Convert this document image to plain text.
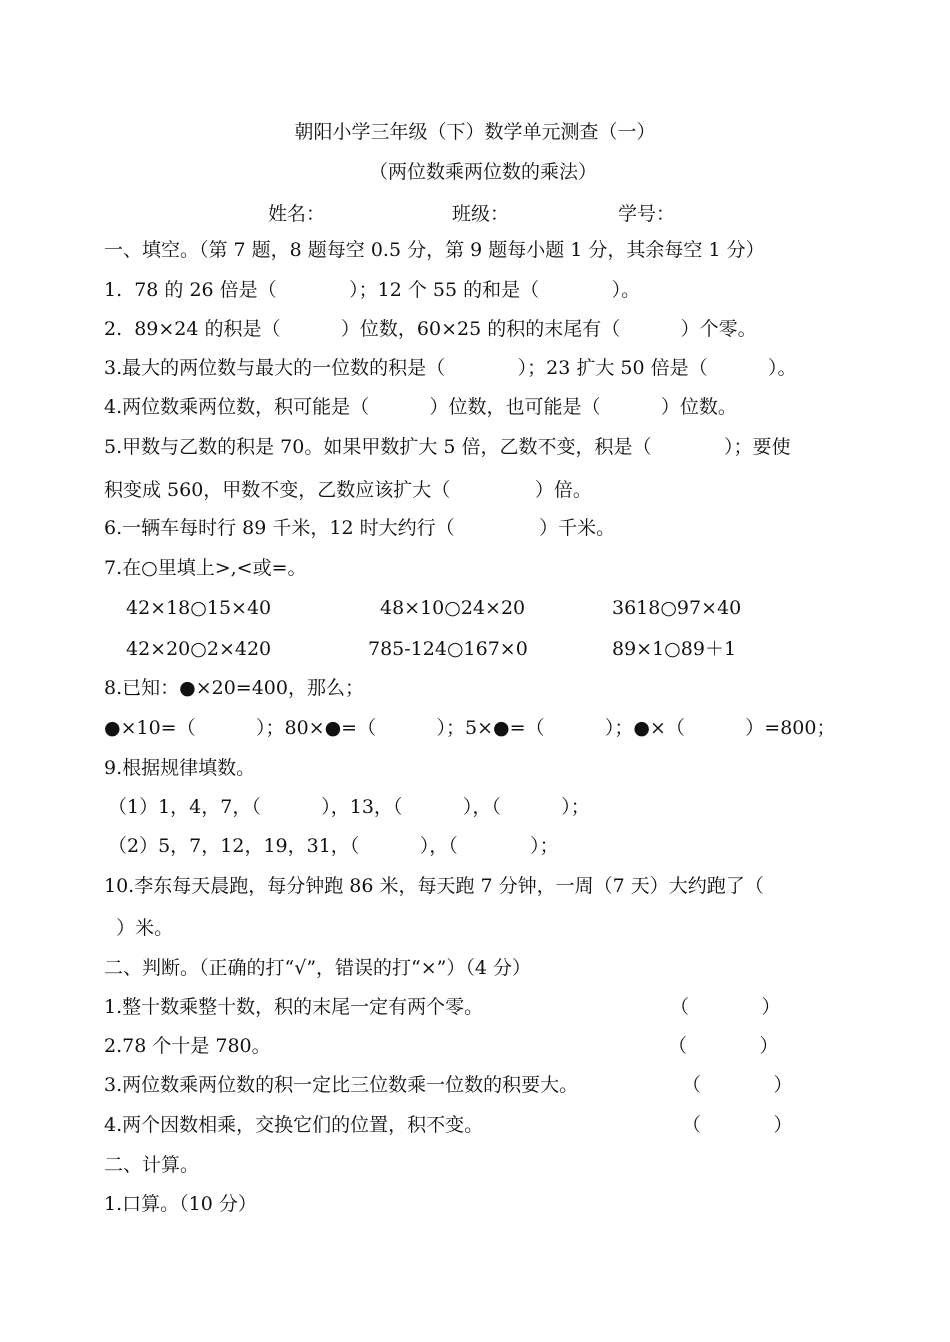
朝阳小学三年级（下）数学单元测查（一）
（两位数乘两位数的乘法）
姓名：	班级：	学号：
一、填空。（第 7 题，8 题每空 0.5 分，第 9 题每小题 1 分，其余每空 1 分）
1.  78 的 26 倍是（            ）；12 个 55 的和是（            ）。
2.  89×24 的积是（          ）位数，60×25 的积的末尾有（          ）个零。
3.最大的两位数与最大的一位数的积是（            ）；23 扩大 50 倍是（          ）。
4.两位数乘两位数，积可能是（          ）位数，也可能是（          ）位数。
5.甲数与乙数的积是 70。如果甲数扩大 5 倍，乙数不变，积是（            ）；要使
积变成 560，甲数不变，乙数应该扩大（              ）倍。
6.一辆车每时行 89 千米，12 时大约行（              ）千米。
7.在○里填上>,<或=。
42×18○15×40	48×10○24×20	3618○97×40
42×20○2×420	785-124○167×0	89×1○89＋1
8.已知：●×20=400，那么；
●×10=（          ）；80×●=（          ）；5×●=（          ）；●×（          ）=800；
9.根据规律填数。
（1）1，4，7，（          ），13，（          ），（          ）；
（2）5，7，12，19，31，（          ），（            ）；
10.李东每天晨跑，每分钟跑 86 米，每天跑 7 分钟，一周（7 天）大约跑了（
）米。
二、判断。（正确的打“√”，错误的打“×”）（4 分）
1.整十数乘整十数，积的末尾一定有两个零。	（            ）
2.78 个十是 780。	（            ）
3.两位数乘两位数的积一定比三位数乘一位数的积要大。	（            ）
4.两个因数相乘，交换它们的位置，积不变。	（            ）
二、计算。
1.口算。（10 分）
